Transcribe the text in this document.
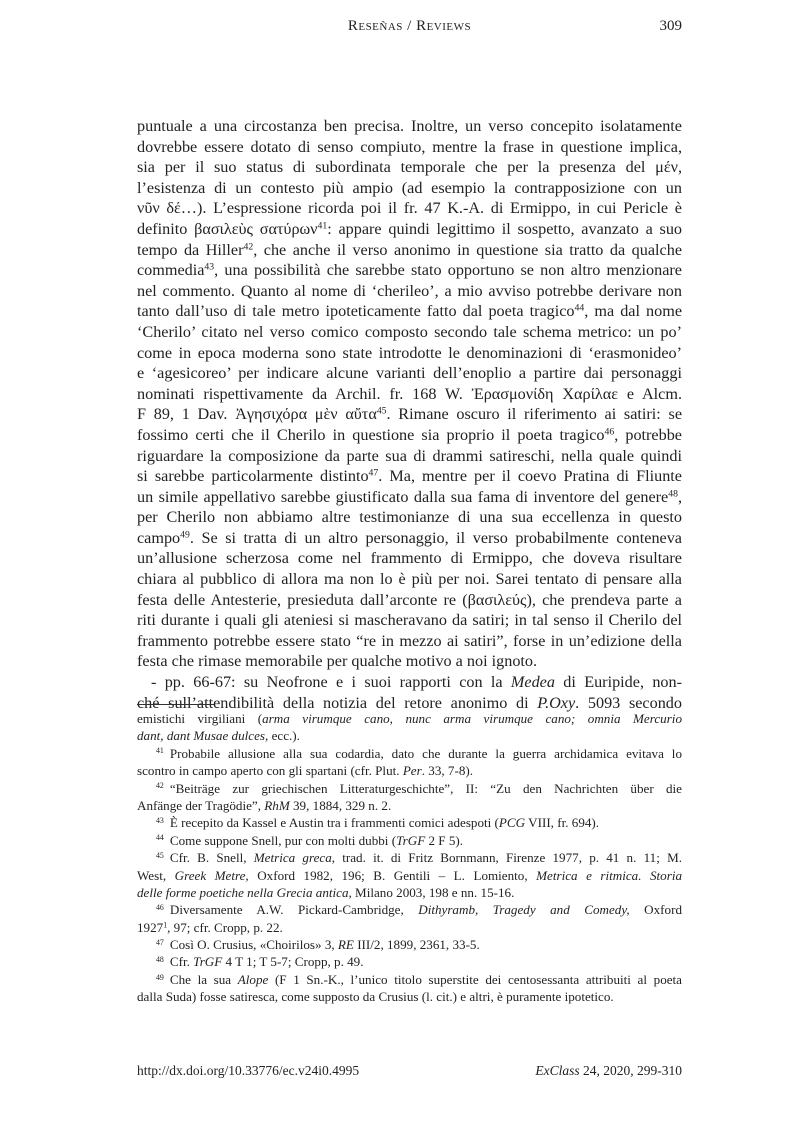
Reseñas / Reviews	309
puntuale a una circostanza ben precisa. Inoltre, un verso concepito isolatamente
dovrebbe essere dotato di senso compiuto, mentre la frase in questione implica,
sia per il suo status di subordinata temporale che per la presenza del μέν,
l’esistenza di un contesto più ampio (ad esempio la contrapposizione con un
νῦν δέ…). L’espressione ricorda poi il fr. 47 K.-A. di Ermippo, in cui Pericle è
definito βασιλεὺς σατύρων$^{41}$: appare quindi legittimo il sospetto, avanzato a suo
tempo da Hiller$^{42}$, che anche il verso anonimo in questione sia tratto da qualche
commedia$^{43}$, una possibilità che sarebbe stato opportuno se non altro menzionare
nel commento. Quanto al nome di ‘cherileo’, a mio avviso potrebbe derivare non
tanto dall’uso di tale metro ipoteticamente fatto dal poeta tragico$^{44}$, ma dal nome
‘Cherilo’ citato nel verso comico composto secondo tale schema metrico: un po’
come in epoca moderna sono state introdotte le denominazioni di ‘erasmonideo’
e ‘agesicoreo’ per indicare alcune varianti dell’enoplio a partire dai personaggi
nominati rispettivamente da Archil. fr. 168 W. Ἐρασμονίδη Χαρίλαε e Alcm.
F 89, 1 Dav. Ἀγησιχόρα μὲν αὔτα$^{45}$. Rimane oscuro il riferimento ai satiri: se
fossimo certi che il Cherilo in questione sia proprio il poeta tragico$^{46}$, potrebbe
riguardare la composizione da parte sua di drammi satireschi, nella quale quindi
si sarebbe particolarmente distinto$^{47}$. Ma, mentre per il coevo Pratina di Fliunte
un simile appellativo sarebbe giustificato dalla sua fama di inventore del genere$^{48}$,
per Cherilo non abbiamo altre testimonianze di una sua eccellenza in questo
campo$^{49}$. Se si tratta di un altro personaggio, il verso probabilmente conteneva
un’allusione scherzosa come nel frammento di Ermippo, che doveva risultare
chiara al pubblico di allora ma non lo è più per noi. Sarei tentato di pensare alla
festa delle Antesterie, presieduta dall’arconte re (βασιλεύς), che prendeva parte a
riti durante i quali gli ateniesi si mascheravano da satiri; in tal senso il Cherilo del
frammento potrebbe essere stato “re in mezzo ai satiri”, forse in un’edizione della
festa che rimase memorabile per qualche motivo a noi ignoto.
- pp. 66-67: su Neofrone e i suoi rapporti con la Medea di Euripide, non-
ché sull’attendibilità della notizia del retore anonimo di P.Oxy. 5093 secondo
emistichi virgiliani (arma virumque cano, nunc arma virumque cano; omnia Mercurio
dant, dant Musae dulces, ecc.).
$^{41}$ Probabile allusione alla sua codardia, dato che durante la guerra archidamica evitava lo
scontro in campo aperto con gli spartani (cfr. Plut. Per. 33, 7-8).
$^{42}$ “Beiträge zur griechischen Litteraturgeschichte”, II: “Zu den Nachrichten über die
Anfänge der Tragödie”, RhM 39, 1884, 329 n. 2.
$^{43}$ È recepito da Kassel e Austin tra i frammenti comici adespoti (PCG VIII, fr. 694).
$^{44}$ Come suppone Snell, pur con molti dubbi (TrGF 2 F 5).
$^{45}$ Cfr. B. Snell, Metrica greca, trad. it. di Fritz Bornmann, Firenze 1977, p. 41 n. 11; M.
West, Greek Metre, Oxford 1982, 196; B. Gentili – L. Lomiento, Metrica e ritmica. Storia
delle forme poetiche nella Grecia antica, Milano 2003, 198 e nn. 15-16.
$^{46}$ Diversamente A.W. Pickard-Cambridge, Dithyramb, Tragedy and Comedy, Oxford
1927$^1$, 97; cfr. Cropp, p. 22.
$^{47}$ Così O. Crusius, «Choirilos» 3, RE III/2, 1899, 2361, 33-5.
$^{48}$ Cfr. TrGF 4 T 1; T 5-7; Cropp, p. 49.
$^{49}$ Che la sua Alope (F 1 Sn.-K., l’unico titolo superstite dei centosessanta attribuiti al poeta
dalla Suda) fosse satiresca, come supposto da Crusius (l. cit.) e altri, è puramente ipotetico.
http://dx.doi.org/10.33776/ec.v24i0.4995	ExClass 24, 2020, 299-310
